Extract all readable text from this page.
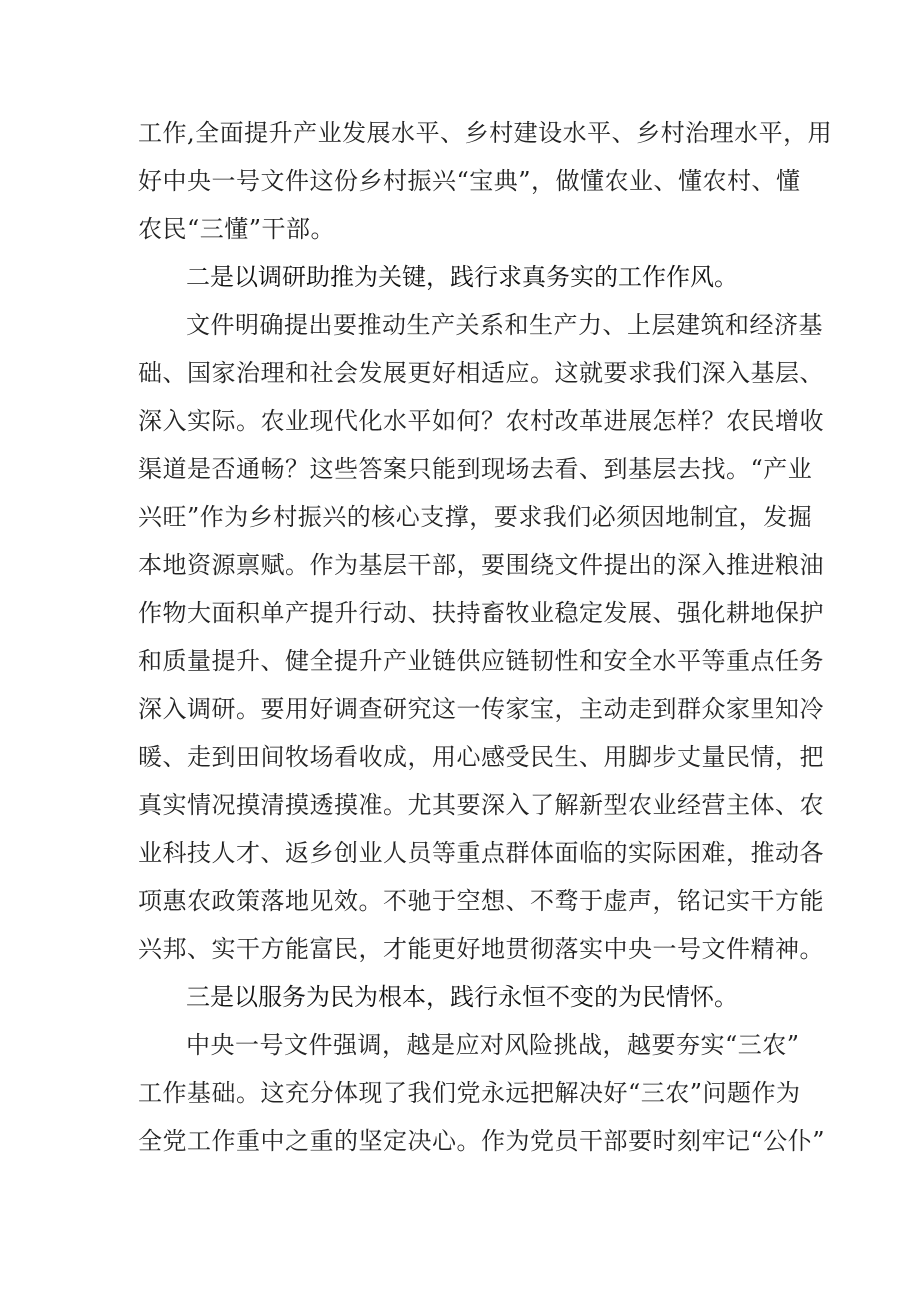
工作,全面提升产业发展水平、乡村建设水平、乡村治理水平，用
好中央一号文件这份乡村振兴“宝典”，做懂农业、懂农村、懂
农民“三懂”干部。
二是以调研助推为关键，践行求真务实的工作作风。
文件明确提出要推动生产关系和生产力、上层建筑和经济基
础、国家治理和社会发展更好相适应。这就要求我们深入基层、
深入实际。农业现代化水平如何？农村改革进展怎样？农民增收
渠道是否通畅？这些答案只能到现场去看、到基层去找。“产业
兴旺”作为乡村振兴的核心支撑，要求我们必须因地制宜，发掘
本地资源禀赋。作为基层干部，要围绕文件提出的深入推进粮油
作物大面积单产提升行动、扶持畜牧业稳定发展、强化耕地保护
和质量提升、健全提升产业链供应链韧性和安全水平等重点任务
深入调研。要用好调查研究这一传家宝，主动走到群众家里知冷
暖、走到田间牧场看收成，用心感受民生、用脚步丈量民情，把
真实情况摸清摸透摸准。尤其要深入了解新型农业经营主体、农
业科技人才、返乡创业人员等重点群体面临的实际困难，推动各
项惠农政策落地见效。不驰于空想、不骛于虚声，铭记实干方能
兴邦、实干方能富民，才能更好地贯彻落实中央一号文件精神。
三是以服务为民为根本，践行永恒不变的为民情怀。
中央一号文件强调，越是应对风险挑战，越要夯实“三农”
工作基础。这充分体现了我们党永远把解决好“三农”问题作为
全党工作重中之重的坚定决心。作为党员干部要时刻牢记“公仆”
